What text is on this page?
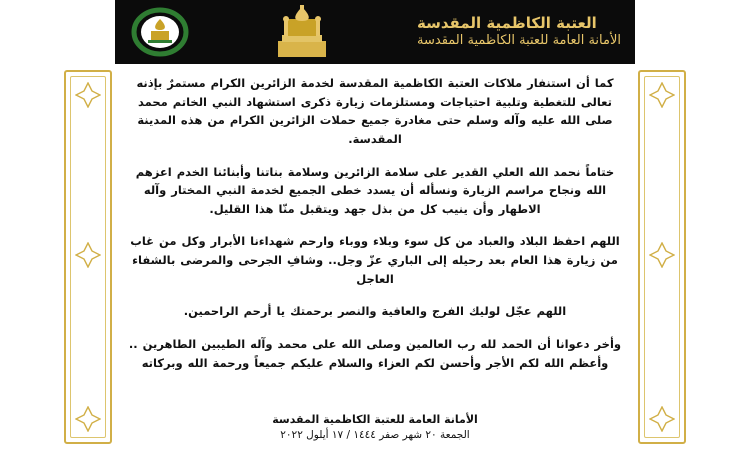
العتبة الكاظمية المقدسة
الأمانة العامة للعتبة الكاظمية المقدسة

كما أن استنفار ملاكات العتبة الكاظمية المقدسة لخدمة الزائرين الكرام مستمرٌ بإذنه تعالى للتغطية وتلبية احتياجات ومستلزمات زيارة ذكرى استشهاد النبي الخاتم محمد صلى الله عليه وآله وسلم حتى مغادرة جميع حملات الزائرين الكرام من هذه المدينة المقدسة.

ختاماً نحمد الله العلي القدير على سلامة الزائرين وسلامة بناتنا وأبنائنا الخدم اعزهم الله ونجاح مراسم الزيارة ونسأله أن يسدد خطى الجميع لخدمة النبي المختار وآله الاطهار وأن ينيب كل من بذل جهد ويتقبل منّا هذا القليل.

اللهم احفظ البلاد والعباد من كل سوء وبلاء ووباء وارحم شهداءنا الأبرار وكل من غاب من زيارة هذا العام بعد رحيله إلى الباري عزّ وجل.. وشافِ الجرحى والمرضى بالشفاء العاجل

اللهم عجّل لوليك الفرج والعافية والنصر برحمتك يا أرحم الراحمين.

وأخر دعوانا أن الحمد لله رب العالمين وصلى الله على محمد وآله الطيبين الطاهرين .. وأعظم الله لكم الأجر وأحسن لكم العزاء والسلام عليكم جميعاً ورحمة الله وبركاته

الأمانة العامة للعتبة الكاظمية المقدسة
الجمعة ٢٠ شهر صفر ١٤٤٤ / ١٧ أيلول ٢٠٢٢
